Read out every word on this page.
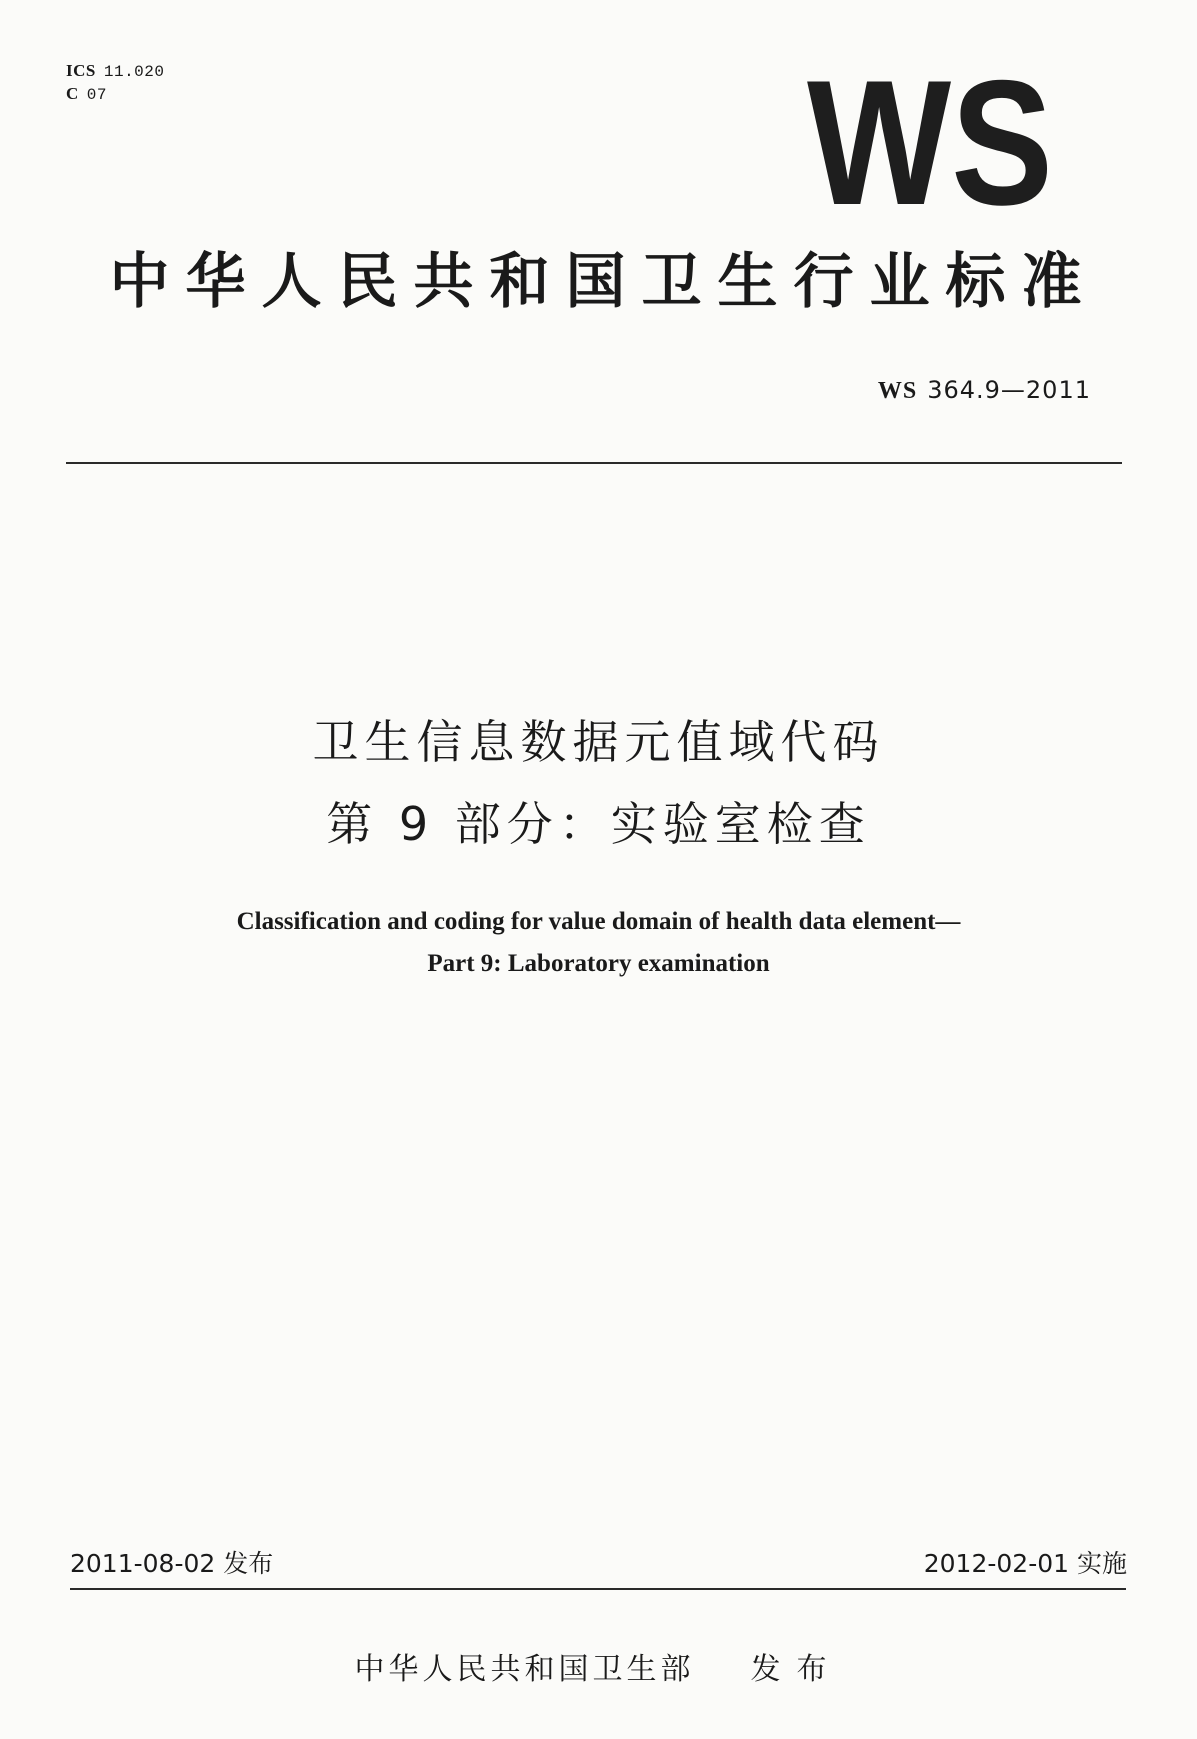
ICS 11.020
C 07	WS
中华人民共和国卫生行业标准
WS 364.9—2011
卫生信息数据元值域代码
第 9 部分：实验室检查
Classification and coding for value domain of health data element—
Part 9: Laboratory examination
2011-08-02 发布	2012-02-01 实施
中华人民共和国卫生部 发布
